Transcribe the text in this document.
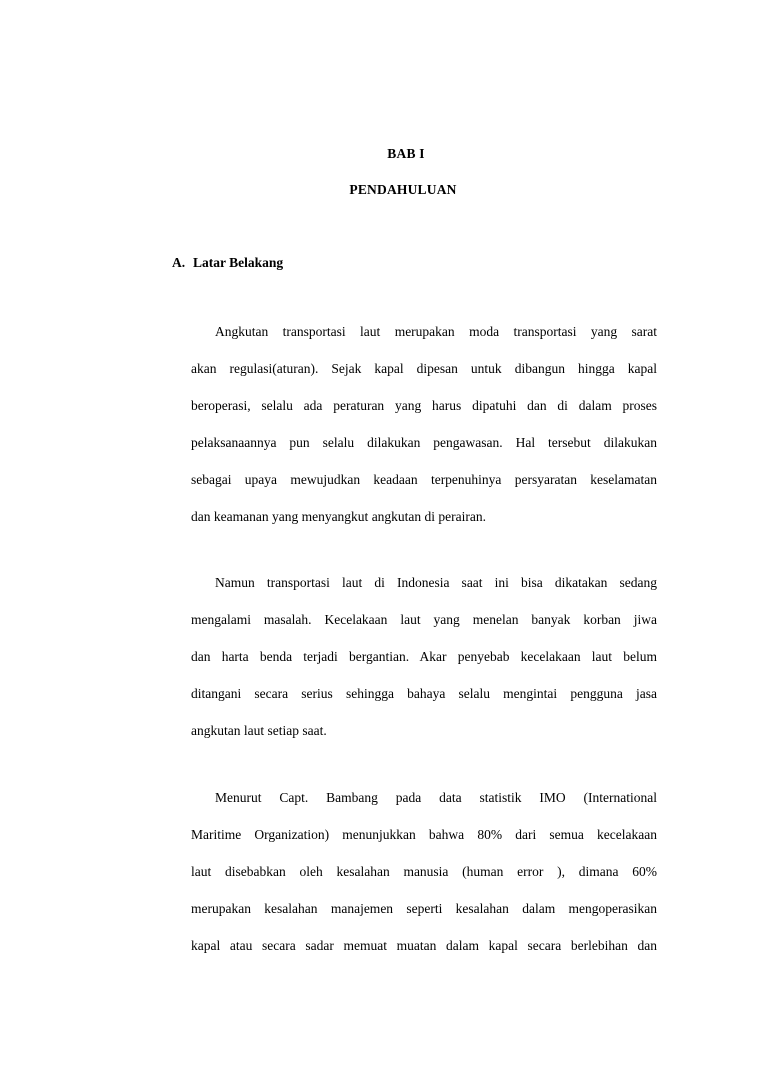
BAB I
PENDAHULUAN
A. Latar Belakang
Angkutan transportasi laut merupakan moda transportasi yang sarat
akan regulasi(aturan). Sejak kapal dipesan untuk dibangun hingga kapal
beroperasi, selalu ada peraturan yang harus dipatuhi dan di dalam proses
pelaksanaannya pun selalu dilakukan pengawasan. Hal tersebut dilakukan
sebagai upaya mewujudkan keadaan terpenuhinya persyaratan keselamatan
dan keamanan yang menyangkut angkutan di perairan.
Namun transportasi laut di Indonesia saat ini bisa dikatakan sedang
mengalami masalah. Kecelakaan laut yang menelan banyak korban jiwa
dan harta benda terjadi bergantian. Akar penyebab kecelakaan laut belum
ditangani secara serius sehingga bahaya selalu mengintai pengguna jasa
angkutan laut setiap saat.
Menurut Capt. Bambang pada data statistik IMO (International
Maritime Organization) menunjukkan bahwa 80% dari semua kecelakaan
laut disebabkan oleh kesalahan manusia (human error ), dimana 60%
merupakan kesalahan manajemen seperti kesalahan dalam mengoperasikan
kapal atau secara sadar memuat muatan dalam kapal secara berlebihan dan
